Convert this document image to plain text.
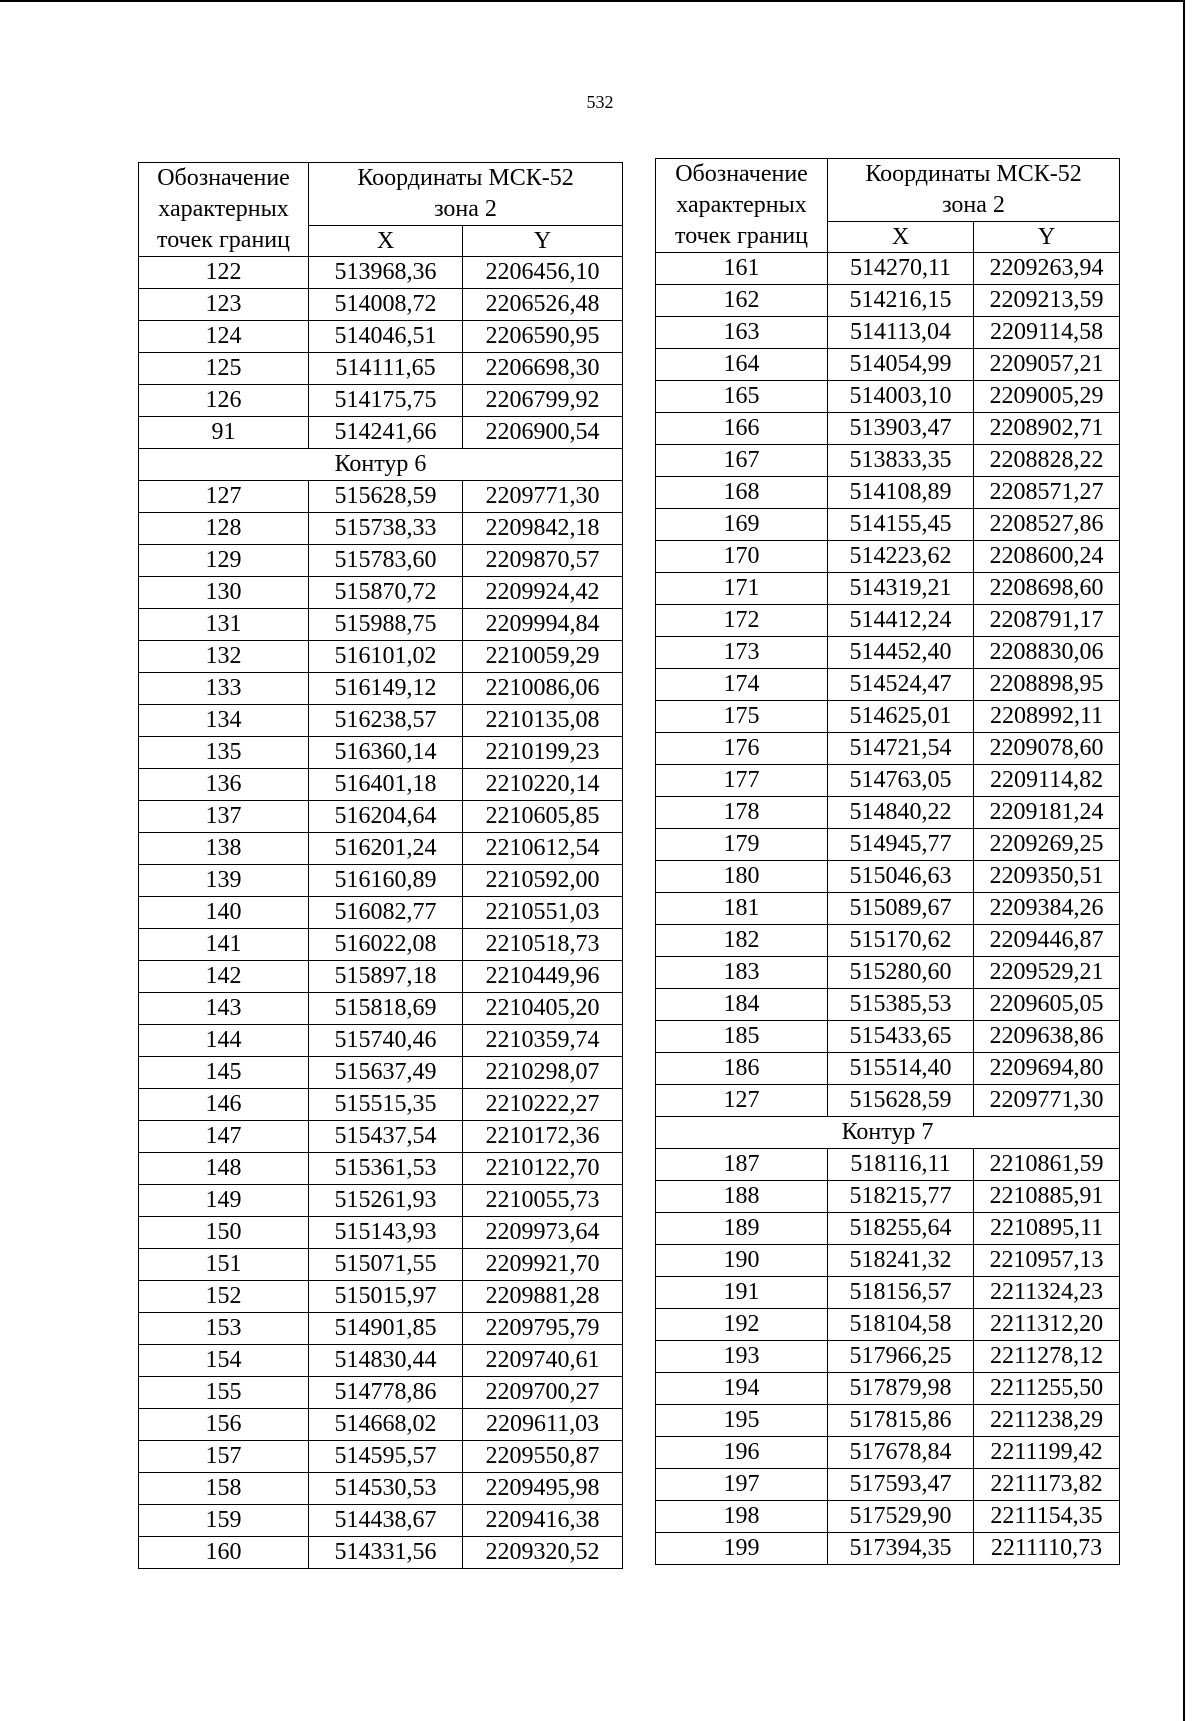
532
Обозначение
характерных
точек границ	Координаты МСК-52
зона 2	
	X	Y
122	513968,36	2206456,10
123	514008,72	2206526,48
124	514046,51	2206590,95
125	514111,65	2206698,30
126	514175,75	2206799,92
91	514241,66	2206900,54
Контур 6		
127	515628,59	2209771,30
128	515738,33	2209842,18
129	515783,60	2209870,57
130	515870,72	2209924,42
131	515988,75	2209994,84
132	516101,02	2210059,29
133	516149,12	2210086,06
134	516238,57	2210135,08
135	516360,14	2210199,23
136	516401,18	2210220,14
137	516204,64	2210605,85
138	516201,24	2210612,54
139	516160,89	2210592,00
140	516082,77	2210551,03
141	516022,08	2210518,73
142	515897,18	2210449,96
143	515818,69	2210405,20
144	515740,46	2210359,74
145	515637,49	2210298,07
146	515515,35	2210222,27
147	515437,54	2210172,36
148	515361,53	2210122,70
149	515261,93	2210055,73
150	515143,93	2209973,64
151	515071,55	2209921,70
152	515015,97	2209881,28
153	514901,85	2209795,79
154	514830,44	2209740,61
155	514778,86	2209700,27
156	514668,02	2209611,03
157	514595,57	2209550,87
158	514530,53	2209495,98
159	514438,67	2209416,38
160	514331,56	2209320,52
Обозначение
характерных
точек границ	Координаты МСК-52
зона 2	
	X	Y
161	514270,11	2209263,94
162	514216,15	2209213,59
163	514113,04	2209114,58
164	514054,99	2209057,21
165	514003,10	2209005,29
166	513903,47	2208902,71
167	513833,35	2208828,22
168	514108,89	2208571,27
169	514155,45	2208527,86
170	514223,62	2208600,24
171	514319,21	2208698,60
172	514412,24	2208791,17
173	514452,40	2208830,06
174	514524,47	2208898,95
175	514625,01	2208992,11
176	514721,54	2209078,60
177	514763,05	2209114,82
178	514840,22	2209181,24
179	514945,77	2209269,25
180	515046,63	2209350,51
181	515089,67	2209384,26
182	515170,62	2209446,87
183	515280,60	2209529,21
184	515385,53	2209605,05
185	515433,65	2209638,86
186	515514,40	2209694,80
127	515628,59	2209771,30
Контур 7		
187	518116,11	2210861,59
188	518215,77	2210885,91
189	518255,64	2210895,11
190	518241,32	2210957,13
191	518156,57	2211324,23
192	518104,58	2211312,20
193	517966,25	2211278,12
194	517879,98	2211255,50
195	517815,86	2211238,29
196	517678,84	2211199,42
197	517593,47	2211173,82
198	517529,90	2211154,35
199	517394,35	2211110,73
